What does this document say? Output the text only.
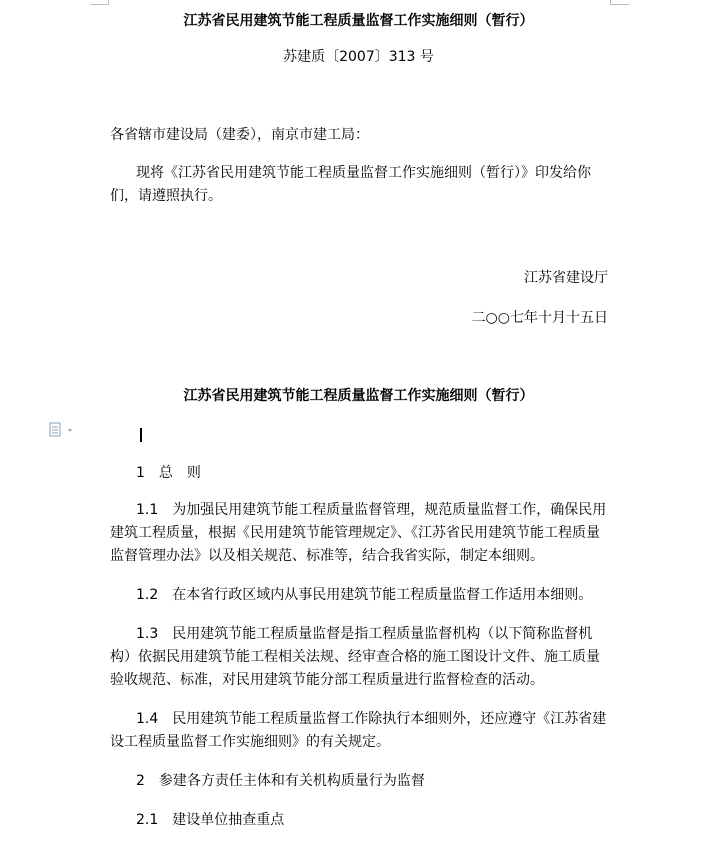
江苏省民用建筑节能工程质量监督工作实施细则（暂行）
苏建质〔2007〕313 号
各省辖市建设局（建委），南京市建工局：
现将《江苏省民用建筑节能工程质量监督工作实施细则（暂行）》印发给你们，请遵照执行。
江苏省建设厅
二○○七年十月十五日
江苏省民用建筑节能工程质量监督工作实施细则（暂行）
1　总　则
1.1　为加强民用建筑节能工程质量监督管理，规范质量监督工作，确保民用建筑工程质量，根据《民用建筑节能管理规定》、《江苏省民用建筑节能工程质量监督管理办法》以及相关规范、标准等，结合我省实际，制定本细则。
1.2　在本省行政区域内从事民用建筑节能工程质量监督工作适用本细则。
1.3　民用建筑节能工程质量监督是指工程质量监督机构（以下简称监督机构）依据民用建筑节能工程相关法规、经审查合格的施工图设计文件、施工质量验收规范、标准，对民用建筑节能分部工程质量进行监督检查的活动。
1.4　民用建筑节能工程质量监督工作除执行本细则外，还应遵守《江苏省建设工程质量监督工作实施细则》的有关规定。
2　参建各方责任主体和有关机构质量行为监督
2.1　建设单位抽查重点
